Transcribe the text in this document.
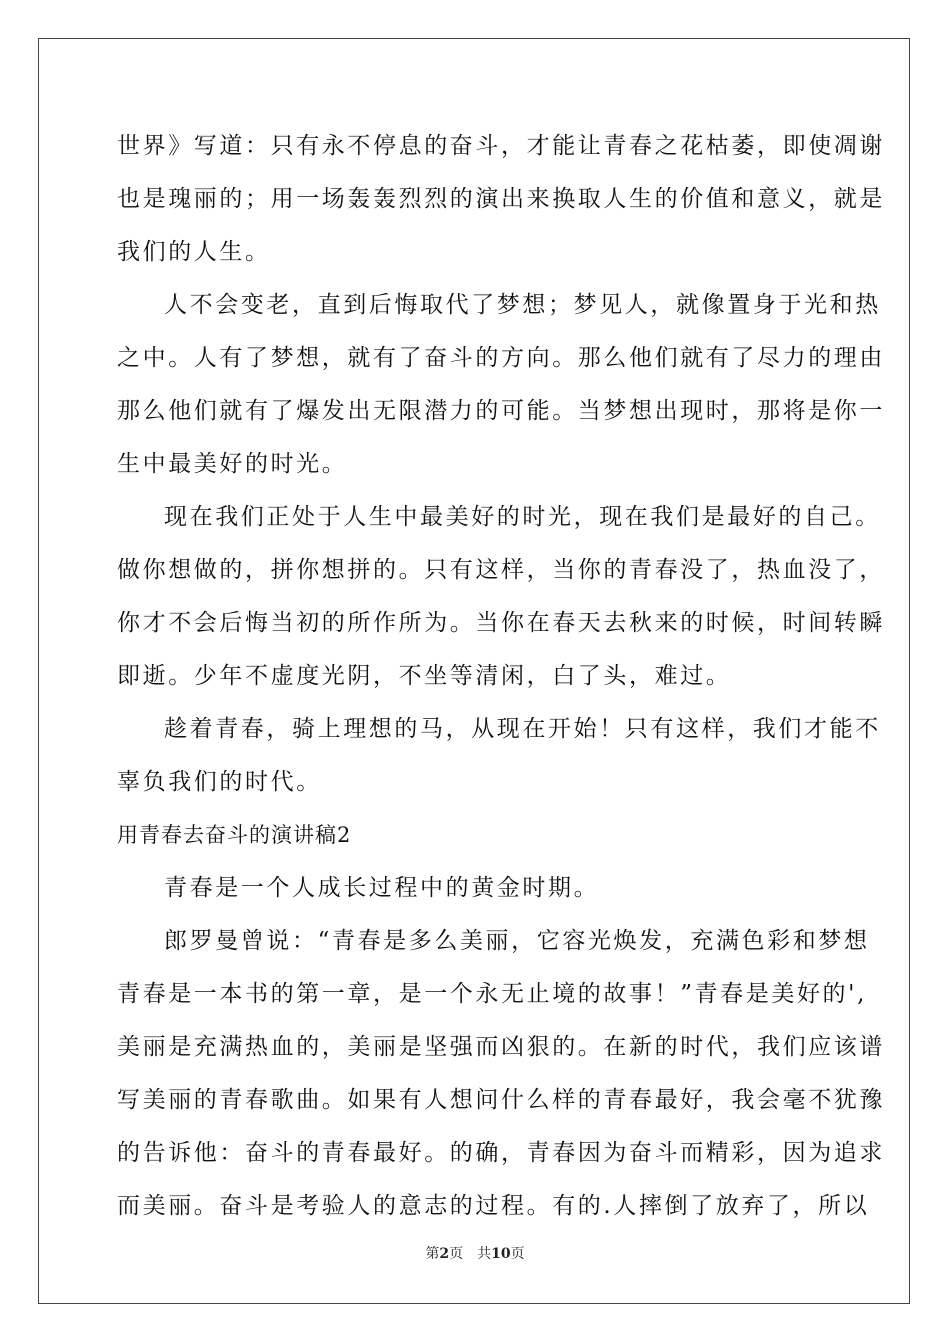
世界》写道：只有永不停息的奋斗，才能让青春之花枯萎，即使凋谢
也是瑰丽的；用一场轰轰烈烈的演出来换取人生的价值和意义，就是
我们的人生。
人不会变老，直到后悔取代了梦想；梦见人，就像置身于光和热
之中。人有了梦想，就有了奋斗的方向。那么他们就有了尽力的理由
那么他们就有了爆发出无限潜力的可能。当梦想出现时，那将是你一
生中最美好的时光。
现在我们正处于人生中最美好的时光，现在我们是最好的自己。
做你想做的，拼你想拼的。只有这样，当你的青春没了，热血没了，
你才不会后悔当初的所作所为。当你在春天去秋来的时候，时间转瞬
即逝。少年不虚度光阴，不坐等清闲，白了头，难过。
趁着青春，骑上理想的马，从现在开始！只有这样，我们才能不
辜负我们的时代。
用青春去奋斗的演讲稿2
青春是一个人成长过程中的黄金时期。
郎罗曼曾说：“青春是多么美丽，它容光焕发，充满色彩和梦想
青春是一本书的第一章，是一个永无止境的故事！”青春是美好的',
美丽是充满热血的，美丽是坚强而凶狠的。在新的时代，我们应该谱
写美丽的青春歌曲。如果有人想问什么样的青春最好，我会毫不犹豫
的告诉他：奋斗的青春最好。的确，青春因为奋斗而精彩，因为追求
而美丽。奋斗是考验人的意志的过程。有的.人摔倒了放弃了，所以
第2页 共10页
